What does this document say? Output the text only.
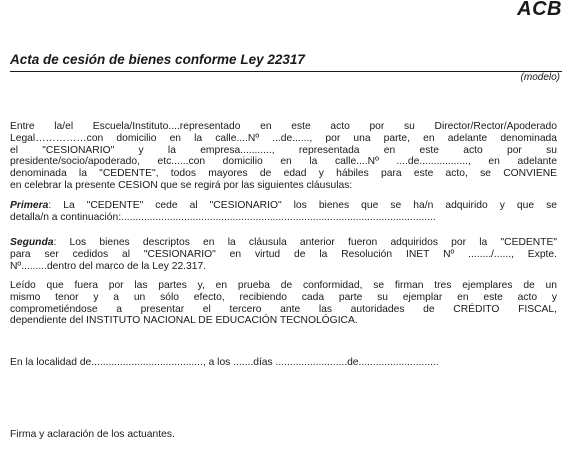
ACB
Acta de cesión de bienes conforme Ley 22317
(modelo)
Entre la/el Escuela/Instituto....representado en este acto por su Director/Rector/Apoderado
Legal……………con domicilio en la calle....Nº ...de......, por una parte, en adelante denominada
el "CESIONARIO" y la empresa..........., representada en este acto por su
presidente/socio/apoderado, etc......con domicilio en la calle....Nº ....de................., en adelante
denominada la "CEDENTE", todos mayores de edad y hábiles para este acto, se CONVIENE
en celebrar la presente CESION que se regirá por las siguientes cláusulas:
Primera: La "CEDENTE" cede al "CESIONARIO" los bienes que se ha/n adquirido y que se
detalla/n a continuación:..............................................................................................................
Segunda: Los bienes descriptos en la cláusula anterior fueron adquiridos por la "CEDENTE"
para ser cedidos al "CESIONARIO" en virtud de la Resolución INET Nº ......../......, Expte.
Nº.........dentro del marco de la Ley 22.317.
Leído que fuera por las partes y, en prueba de conformidad, se firman tres ejemplares de un
mismo tenor y a un sólo efecto, recibiendo cada parte su ejemplar en este acto y
comprometiéndose a presentar el tercero ante las autoridades de CRÉDITO FISCAL,
dependiente del INSTITUTO NACIONAL DE EDUCACIÓN TECNOLÓGICA.
En la localidad de......................................., a los .......días .........................de............................
Firma y aclaración de los actuantes.
